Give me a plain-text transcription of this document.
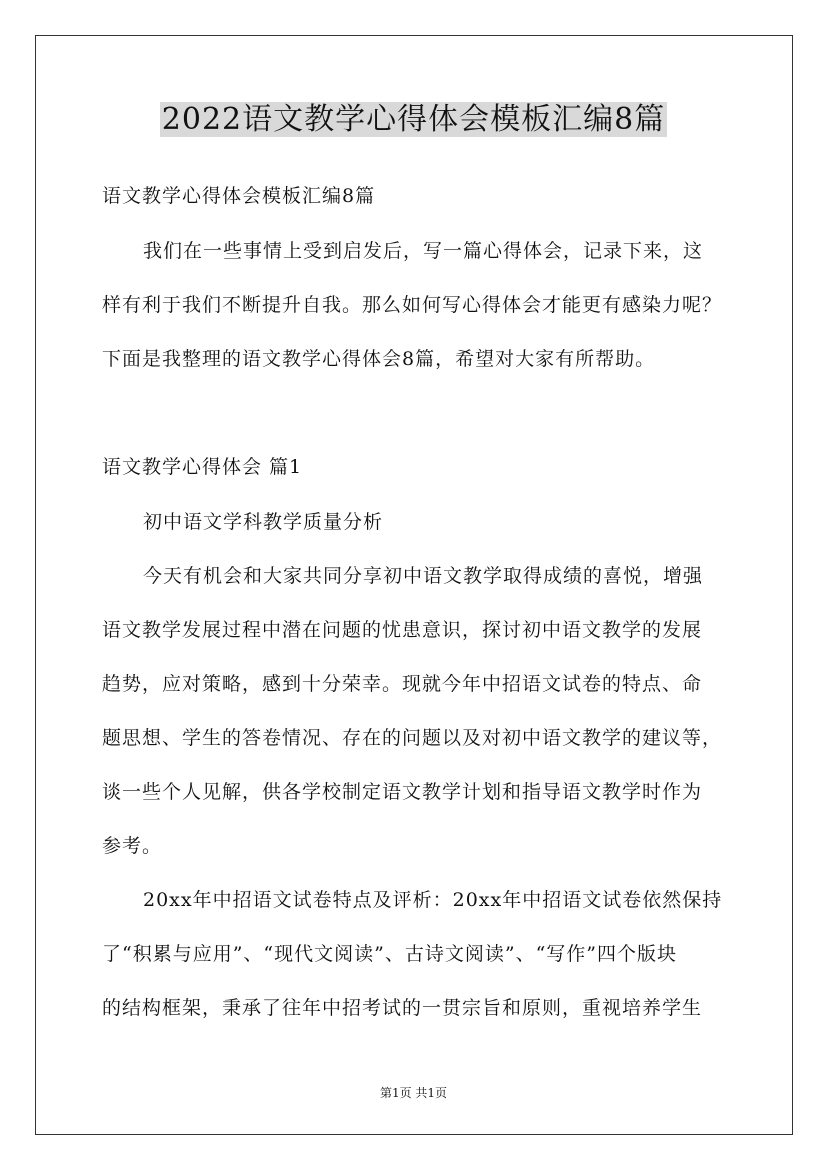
2022语文教学心得体会模板汇编8篇
语文教学心得体会模板汇编8篇
我们在一些事情上受到启发后，写一篇心得体会，记录下来，这
样有利于我们不断提升自我。那么如何写心得体会才能更有感染力呢？
下面是我整理的语文教学心得体会8篇，希望对大家有所帮助。
语文教学心得体会 篇1
初中语文学科教学质量分析
今天有机会和大家共同分享初中语文教学取得成绩的喜悦，增强
语文教学发展过程中潜在问题的忧患意识，探讨初中语文教学的发展
趋势，应对策略，感到十分荣幸。现就今年中招语文试卷的特点、命
题思想、学生的答卷情况、存在的问题以及对初中语文教学的建议等，
谈一些个人见解，供各学校制定语文教学计划和指导语文教学时作为
参考。
20xx年中招语文试卷特点及评析：20xx年中招语文试卷依然保持
了“积累与应用”、“现代文阅读”、古诗文阅读”、“写作”四个版块
的结构框架，秉承了往年中招考试的一贯宗旨和原则，重视培养学生
第1页 共1页
